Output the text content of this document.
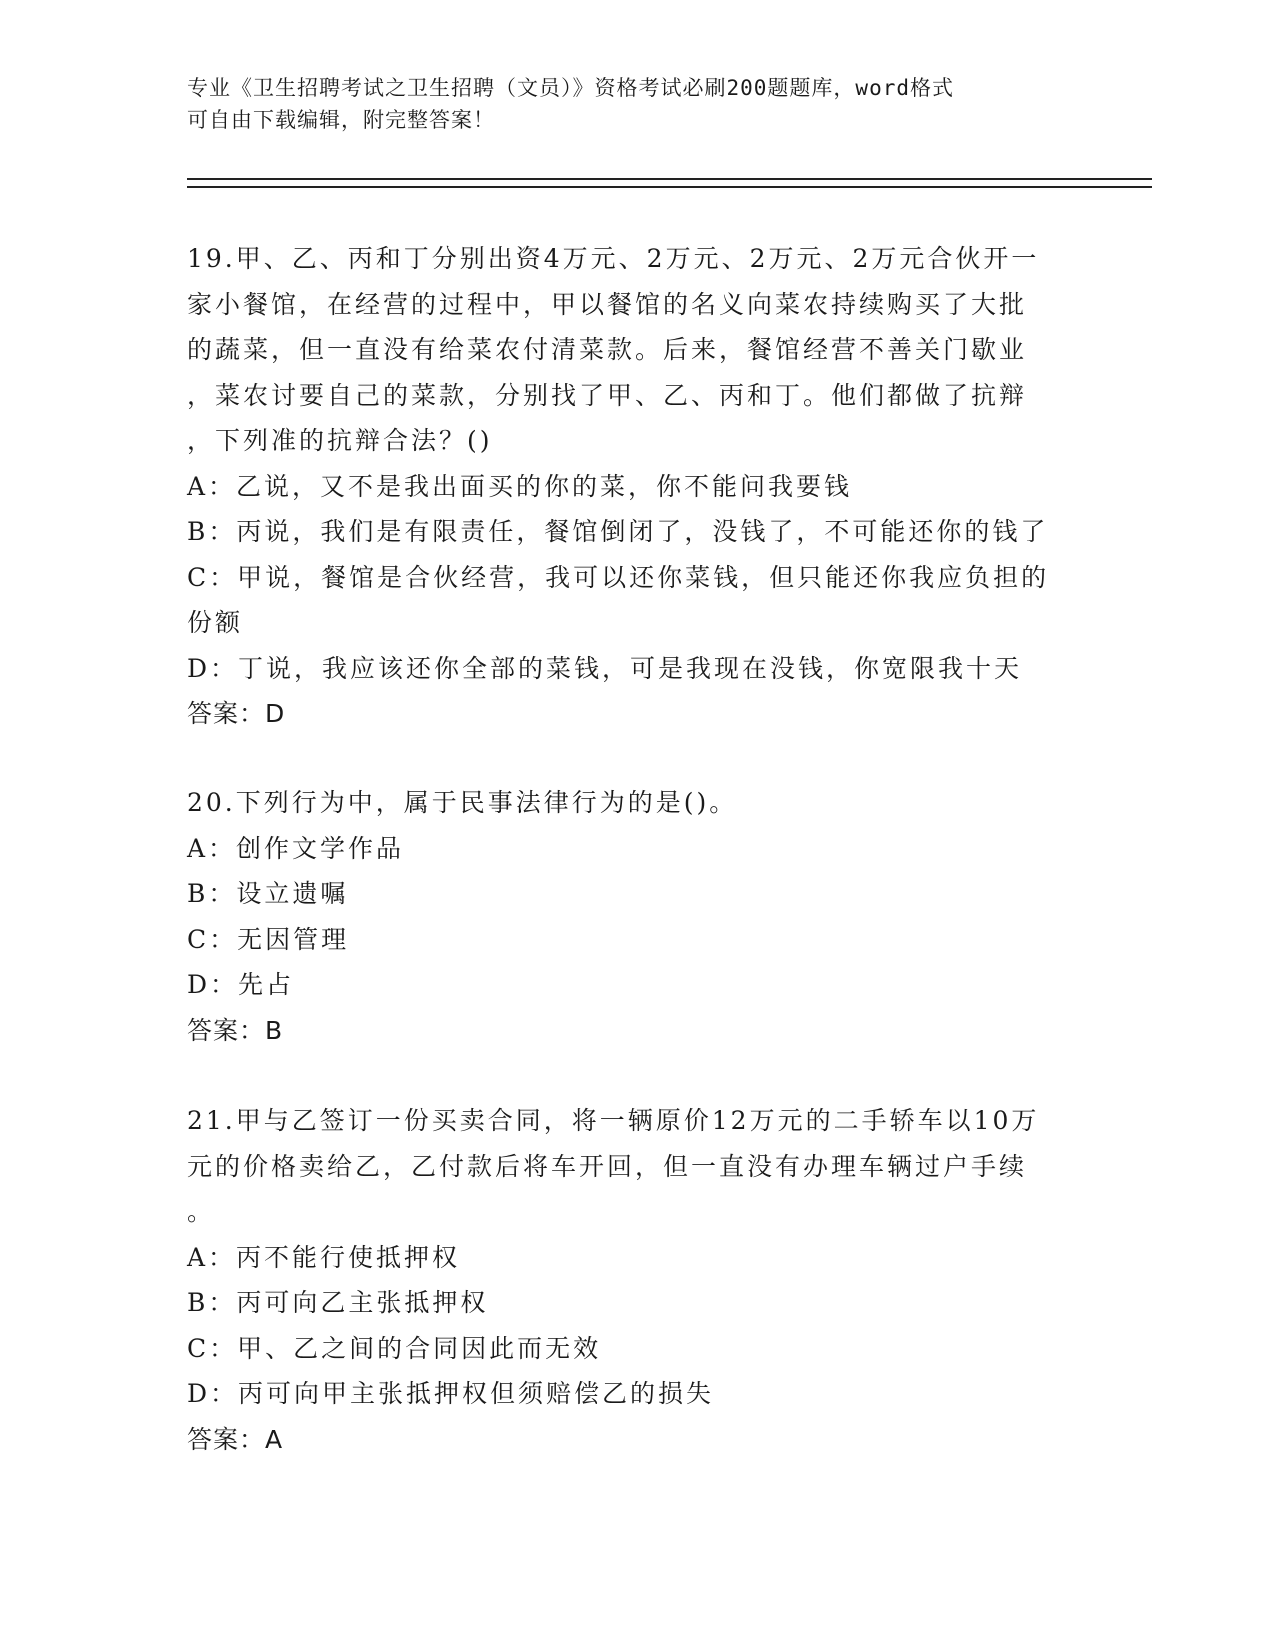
专业《卫生招聘考试之卫生招聘（文员）》资格考试必刷200题题库，word格式
可自由下载编辑，附完整答案！
19.甲、乙、丙和丁分别出资4万元、2万元、2万元、2万元合伙开一
家小餐馆，在经营的过程中，甲以餐馆的名义向菜农持续购买了大批
的蔬菜，但一直没有给菜农付清菜款。后来，餐馆经营不善关门歇业
，菜农讨要自己的菜款，分别找了甲、乙、丙和丁。他们都做了抗辩
，下列准的抗辩合法？()
A：乙说，又不是我出面买的你的菜，你不能问我要钱
B：丙说，我们是有限责任，餐馆倒闭了，没钱了，不可能还你的钱了
C：甲说，餐馆是合伙经营，我可以还你菜钱，但只能还你我应负担的
份额
D：丁说，我应该还你全部的菜钱，可是我现在没钱，你宽限我十天
答案：D
20.下列行为中，属于民事法律行为的是()。
A：创作文学作品
B：设立遗嘱
C：无因管理
D：先占
答案：B
21.甲与乙签订一份买卖合同，将一辆原价12万元的二手轿车以10万
元的价格卖给乙，乙付款后将车开回，但一直没有办理车辆过户手续
。
A：丙不能行使抵押权
B：丙可向乙主张抵押权
C：甲、乙之间的合同因此而无效
D：丙可向甲主张抵押权但须赔偿乙的损失
答案：A
